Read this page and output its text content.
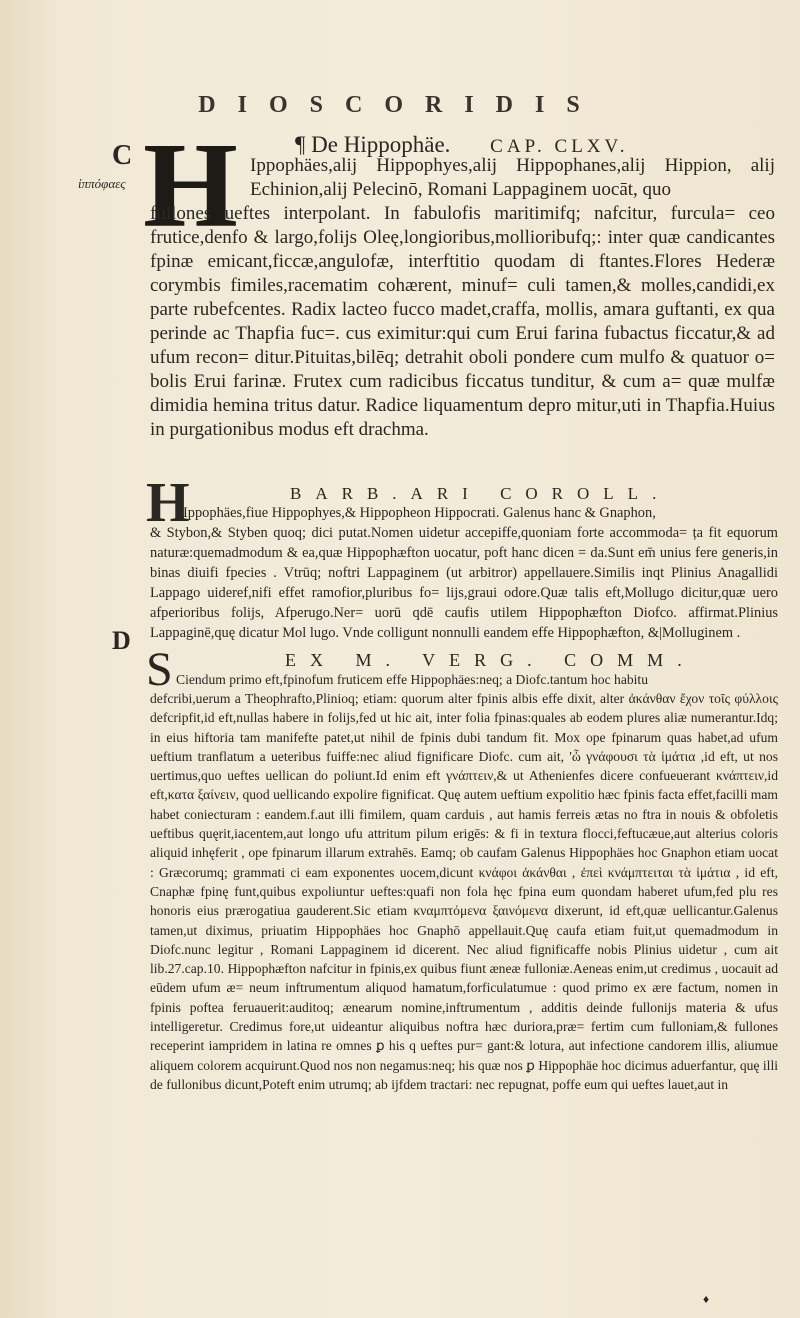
DIOSCORIDIS
C
ἱππόφαες
¶ De Hippophäe. CAP. CLXV.
H Ippophäes,alij Hippophyes,alij Hippophanes,alij Hippion, alij Echinion,alij Pelecinō, Romani Lappaginem uocāt, quo
fullones ueftes interpolant. In fabulofis maritimifq; nafcitur, furcula= ceo frutice,denfo & largo,folijs Oleę,longioribus,mollioribufq;: inter quæ candicantes fpinæ emicant,ficcæ,angulofæ, interftitio quodam di ftantes.Flores Hederæ corymbis fimiles,racematim cohærent, minuf= culi tamen,& molles,candidi,ex parte rubefcentes. Radix lacteo fucco madet,craffa, mollis, amara guftanti, ex qua perinde ac Thapfia fuc=. cus eximitur:qui cum Erui farina fubactus ficcatur,& ad ufum recon= ditur.Pituitas,bilēq; detrahit oboli pondere cum mulfo & quatuor o= bolis Erui farinæ. Frutex cum radicibus ficcatus tunditur, & cum a= quæ mulfæ dimidia hemina tritus datur. Radice liquamentum depro mitur,uti in Thapfia.Huius in purgationibus modus eft drachma.
H	BARB.ARI COROLL.
Ippophäes,fiue Hippophyes,& Hippopheon Hippocrati. Galenus hanc & Gnaphon,
& Stybon,& Styben quoq; dici putat.Nomen uidetur accepiffe,quoniam forte accommoda= ța fit equorum naturæ:quemadmodum & ea,quæ Hippophæfton uocatur, poft hanc dicen = da.Sunt em̄ unius fere generis,in binas diuifi fpecies . Vtrūq; noftri Lappaginem (ut arbitror) appellauere.Similis inqt Plinius Anagallidi Lappago uideref,nifi effet ramofior,pluribus fo= lijs,graui odore.Quæ talis eft,Mollugo dicitur,quæ uero afperioribus folijs, Afperugo.Ner= uorū qdē caufis utilem Hippophæfton Diofco. affirmat.Plinius Lappaginē,quę dicatur Mol lugo. Vnde colligunt nonnulli eandem effe Hippophæfton, &|Molluginem .
D
S	EX M. VERG. COMM.
Ciendum primo eft,fpinofum fruticem effe Hippophäes:neq; a Diofc.tantum hoc habitu
defcribi,uerum a Theophrafto,Plinioq; etiam: quorum alter fpinis albis effe dixit, alter ἀκάνθαν ἔχον τοῖς φύλλοις defcripfit,id eft,nullas habere in folijs,fed ut hic ait, inter folia fpinas:quales ab eodem plures aliæ numerantur.Idq; in eius hiftoria tam manifefte patet,ut nihil de fpinis dubi tandum fit. Mox ope fpinarum quas habet,ad ufum ueftium tranflatum a ueteribus fuiffe:nec aliud fignificare Diofc. cum ait, 'ὧ γνάφουσι τὰ ἱμάτια ,id eft, ut nos uertimus,quo ueftes uellican do poliunt.Id enim eft γνάπτειν,& ut Athenienfes dicere confueuerant κνάπτειν,id eft,κατα ξαίνειν, quod uellicando expolire fignificat. Quę autem ueftium expolitio hæc fpinis facta effet,facilli mam habet coniecturam : eandem.f.aut illi fimilem, quam carduis , aut hamis ferreis ætas no ftra in nouis & obfoletis ueftibus quęrit,iacentem,aut longo ufu attritum pilum erigēs: & fi in textura flocci,feftucæue,aut alterius coloris aliquid inhęferit , ope fpinarum illarum extrahēs. Eamq; ob caufam Galenus Hippophäes hoc Gnaphon etiam uocat : Græcorumq; grammati ci eam exponentes uocem,dicunt κνάφοι ἀκάνθαι , ἐπεὶ κνάμπτειται τὰ ἱμάτια , id eft, Cnaphæ fpinę funt,quibus expoliuntur ueftes:quafi non fola hęc fpina eum quondam haberet ufum,fed plu res honoris eius prærogatiua gauderent.Sic etiam κναμπτόμενα ξαινόμενα dixerunt, id eft,quæ uellicantur.Galenus tamen,ut diximus, priuatim Hippophäes hoc Gnaphō appellauit.Quę caufa etiam fuit,ut quemadmodum in Diofc.nunc legitur , Romani Lappaginem id dicerent. Nec aliud fignificaffe nobis Plinius uidetur , cum ait lib.27.cap.10. Hippophæfton nafcitur in fpinis,ex quibus fiunt æneæ fulloniæ.Aeneas enim,ut credimus , uocauit ad eūdem ufum æ= neum inftrumentum aliquod hamatum,forficulatumue : quod primo ex ære factum, nomen in fpinis poftea feruauerit:auditoq; ænearum nomine,inftrumentum , additis deinde fullonijs materia & ufus intelligeretur. Credimus fore,ut uideantur aliquibus noftra hæc duriora,præ= fertim cum fulloniam,& fullones receperint iampridem in latina re omnes ꝑ his q ueftes pur= gant:& lotura, aut infectione candorem illis, aliumue aliquem colorem acquirunt.Quod nos non negamus:neq; his quæ nos ꝑ Hippophäe hoc dicimus aduerfantur, quę illi de fullonibus dicunt,Poteft enim utrumq; ab ijfdem tractari: nec repugnat, poffe eum qui ueftes lauet,aut in
♦
